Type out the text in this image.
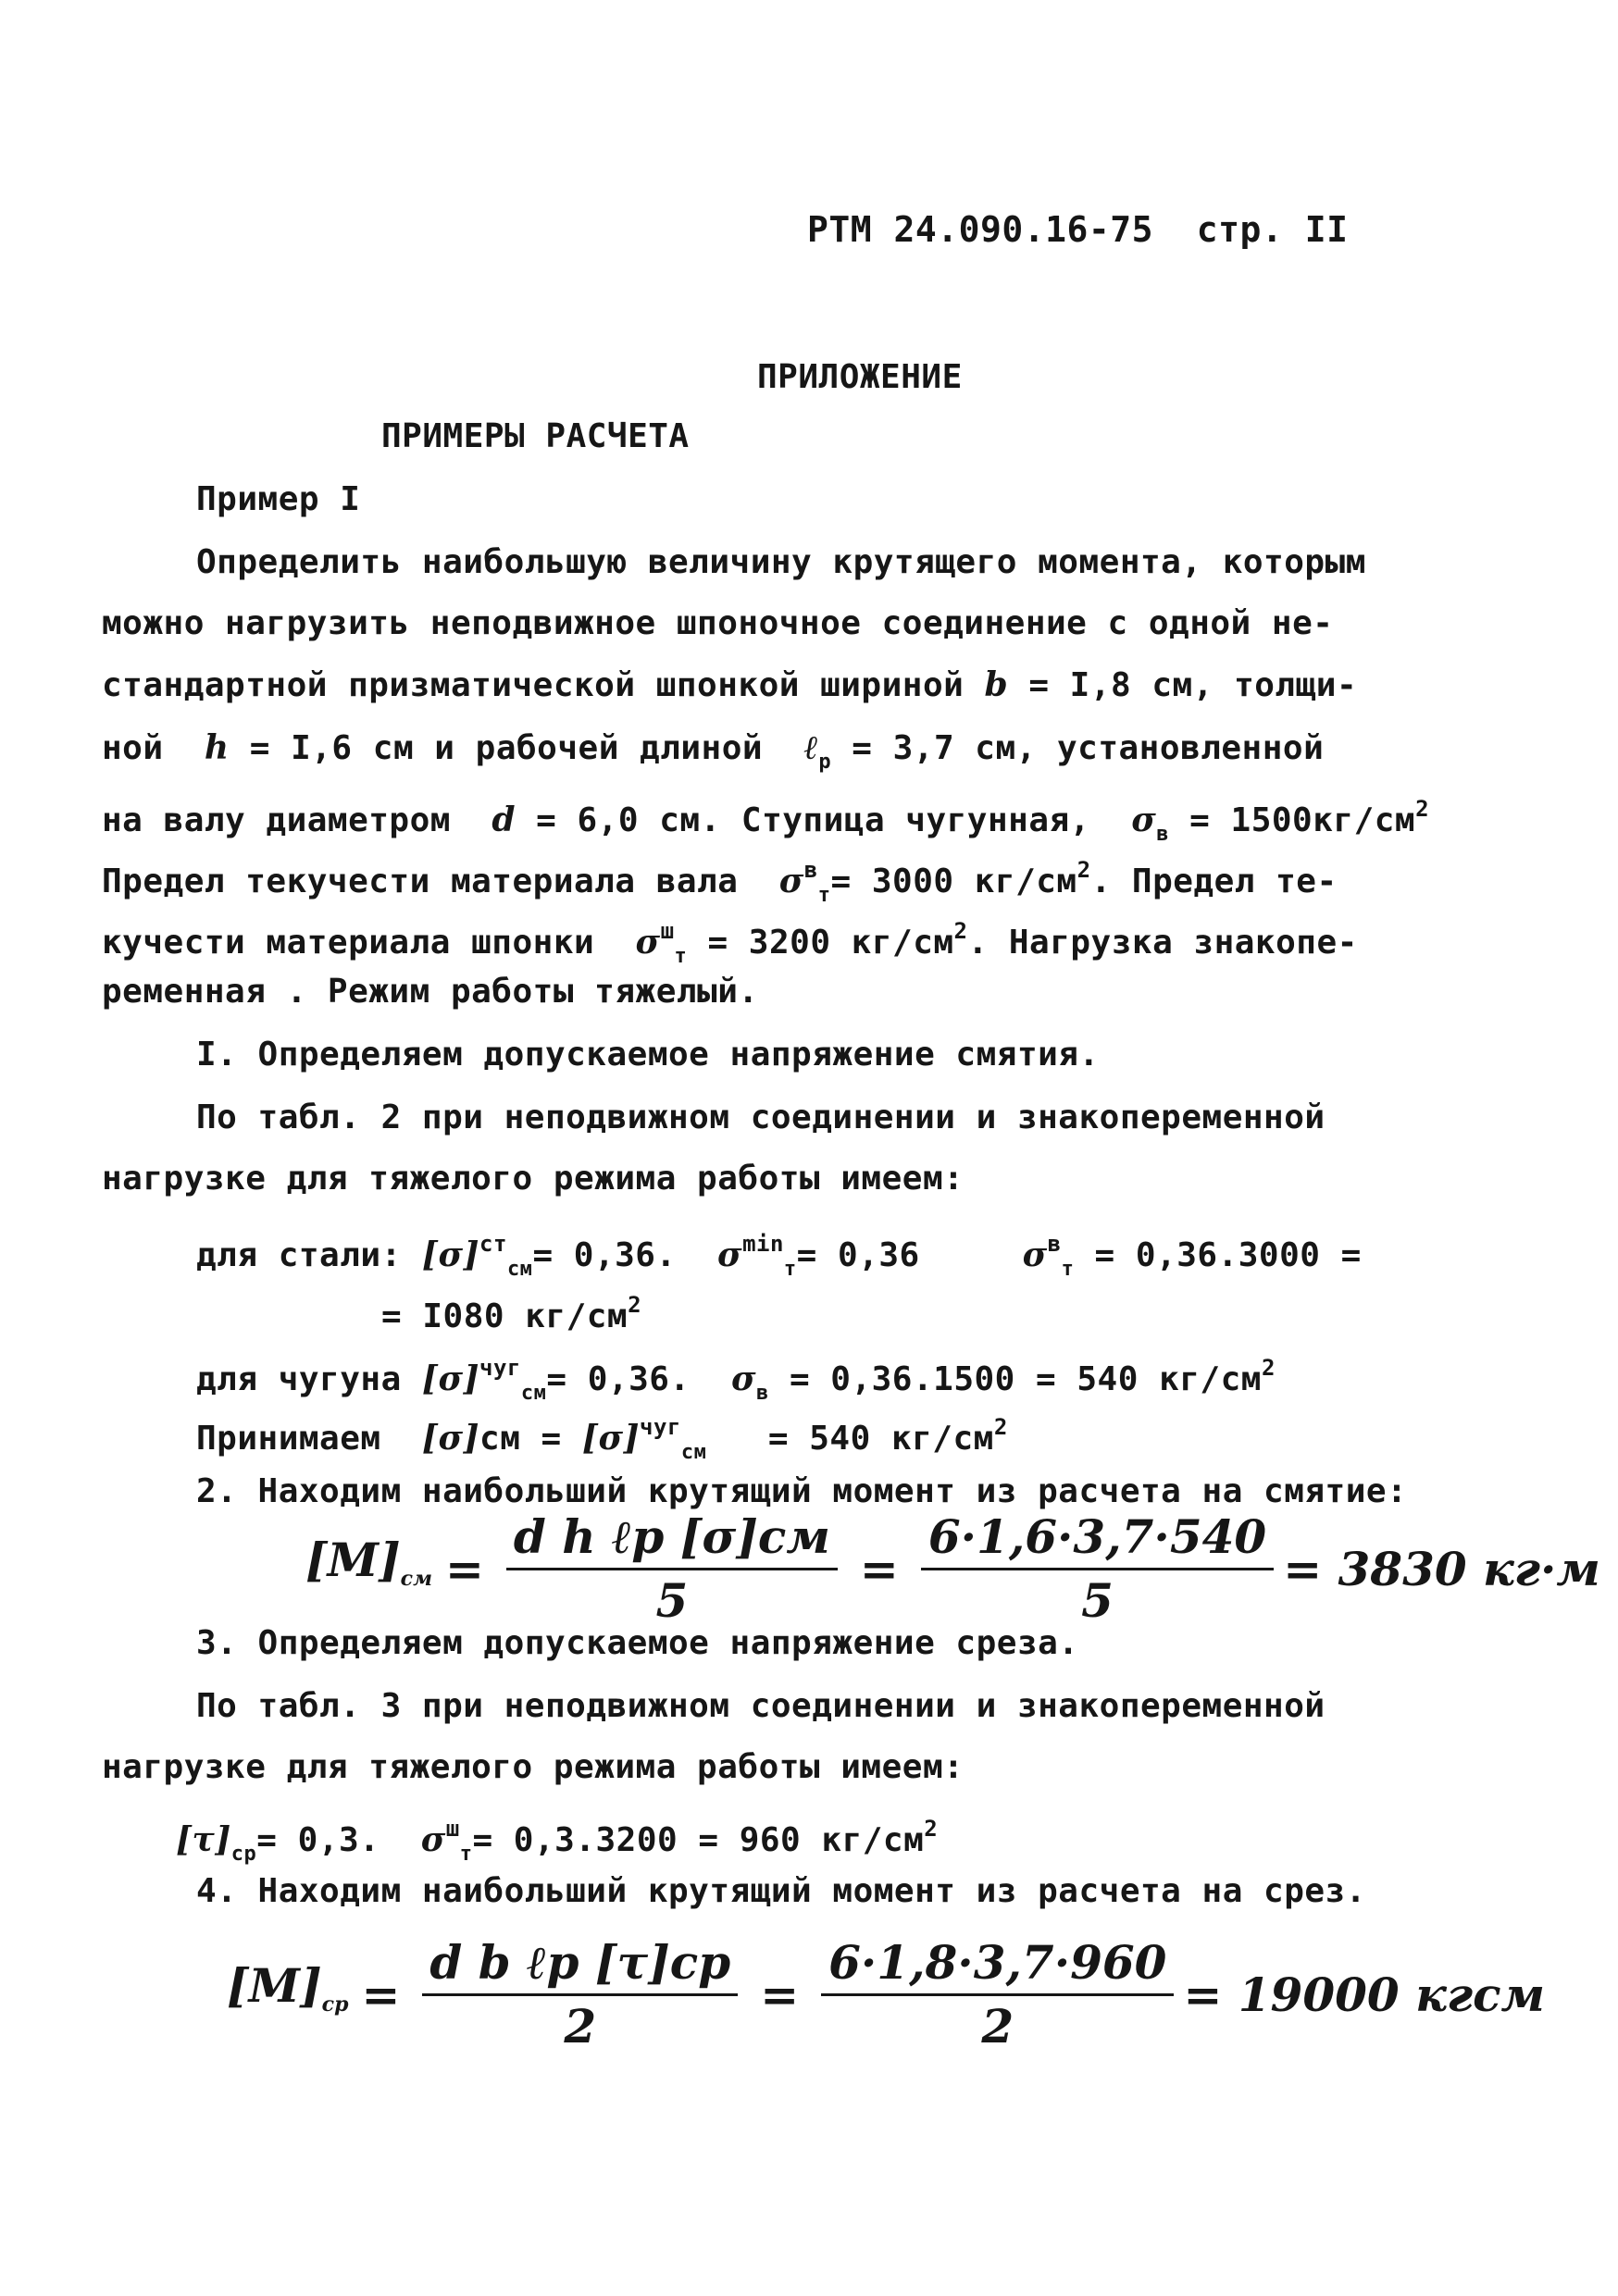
РТМ 24.090.16-75  стр. II
ПРИЛОЖЕНИЕ
ПРИМЕРЫ РАСЧЕТА
Пример I
Определить наибольшую величину крутящего момента, которым
можно нагрузить неподвижное шпоночное соединение с одной не-
стандартной призматической шпонкой шириной b = I,8 см, толщи-
ной  h = I,6 см и рабочей длиной  ℓ$_р$ = 3,7 см, установленной
на валу диаметром  d = 6,0 см. Ступица чугунная,  $\sigma_в = 1500кг/см^2$
Предел текучести материала вала  $\sigma^в_т= 3000$ $кг/см^2$. Предел те-
кучести материала шпонки  $\sigma^ш_т = 3200$ $кг/см^2$. Нагрузка знакопе-
ременная . Режим работы тяжелый.
I. Определяем допускаемое напряжение смятия.
По табл. 2 при неподвижном соединении и знакопеременной
нагрузке для тяжелого режима работы имеем:
для стали: $[\sigma]^{ст}_{см}= 0,36$.  $\sigma^{min}_т= 0,36$     $\sigma^в_т = 0,36.3000$ =
= I080 $кг/см^2$
для чугуна $[\sigma]^{чуг}_{см}= 0,36$.  $\sigma_в = 0,36.1500 = 540$ $кг/см^2$
Принимаем  $[\sigma]см = [\sigma]^{чуг}_{см} = 540$ $кг/см^2$
2. Находим наибольший крутящий момент из расчета на смятие:
$[M]_{см} = \frac{\text{d h ℓр [σ]см}}{5} = \frac{6\cdot 1,6\cdot 3,7\cdot 540}{5} = 3830$ кг·м
3. Определяем допускаемое напряжение среза.
По табл. 3 при неподвижном соединении и знакопеременной
нагрузке для тяжелого режима работы имеем:
$[\tau]_{ср}= 0,3$.  $\sigma^ш_т= 0,3.3200 = 960$ $кг/см^2$
4. Находим наибольший крутящий момент из расчета на срез.
$[M]_{ср} = \frac{\text{d b ℓр [τ]ср}}{2} = \frac{6\cdot 1,8\cdot 3,7\cdot 960}{2} = 19000$ кгсм
